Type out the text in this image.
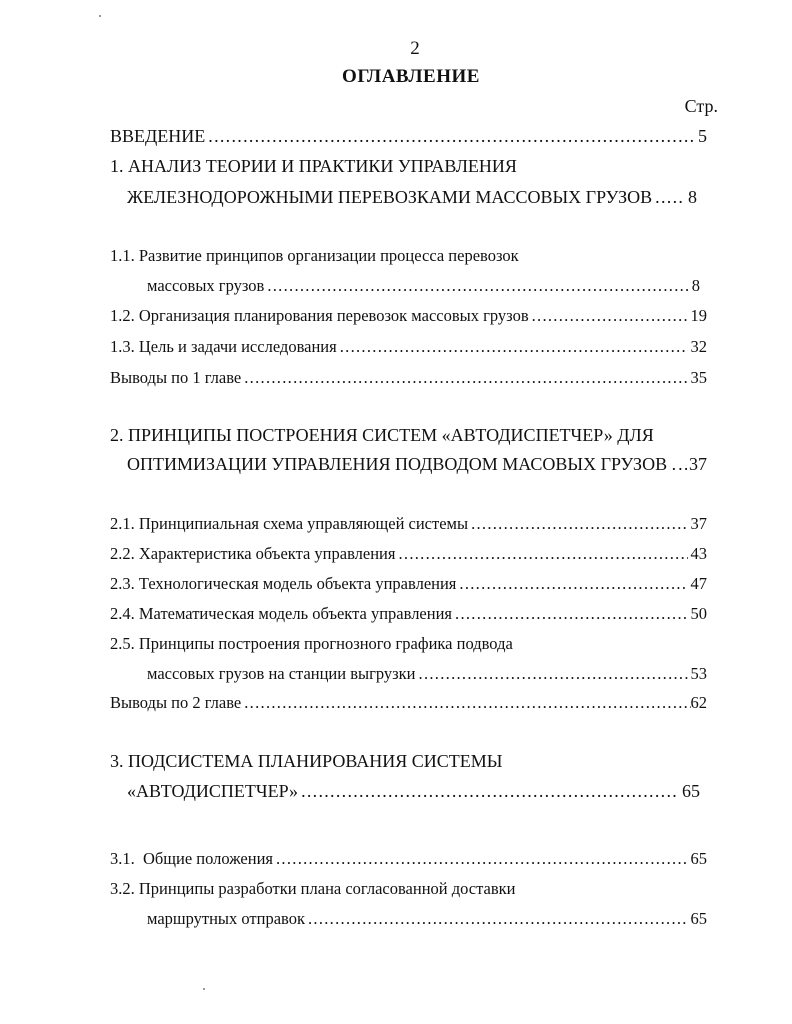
2
ОГЛАВЛЕНИЕ
Стр.
ВВЕДЕНИЕ .....	5
1. АНАЛИЗ ТЕОРИИ И ПРАКТИКИ УПРАВЛЕНИЯ
ЖЕЛЕЗНОДОРОЖНЫМИ ПЕРЕВОЗКАМИ МАССОВЫХ ГРУЗОВ ..... 8
1.1. Развитие принципов организации процесса перевозок
массовых грузов .....	8
1.2. Организация планирования перевозок массовых грузов .....	19
1.3. Цель и задачи исследования .....	32
Выводы по 1 главе .....	35
2. ПРИНЦИПЫ ПОСТРОЕНИЯ СИСТЕМ «АВТОДИСПЕТЧЕР» ДЛЯ
ОПТИМИЗАЦИИ УПРАВЛЕНИЯ ПОДВОДОМ МАСОВЫХ ГРУЗОВ . ..... 37
2.1. Принципиальная схема управляющей системы .....	37
2.2. Характеристика объекта управления .....	43
2.3. Технологическая модель объекта управления .....	47
2.4. Математическая модель объекта управления .....	50
2.5. Принципы построения прогнозного графика подвода
массовых грузов на станции выгрузки .....	53
Выводы по 2 главе .....	62
3. ПОДСИСТЕМА ПЛАНИРОВАНИЯ СИСТЕМЫ
«АВТОДИСПЕТЧЕР» .....	65
3.1.  Общие положения .....	65
3.2. Принципы разработки плана согласованной доставки
маршрутных отправок .....	65
